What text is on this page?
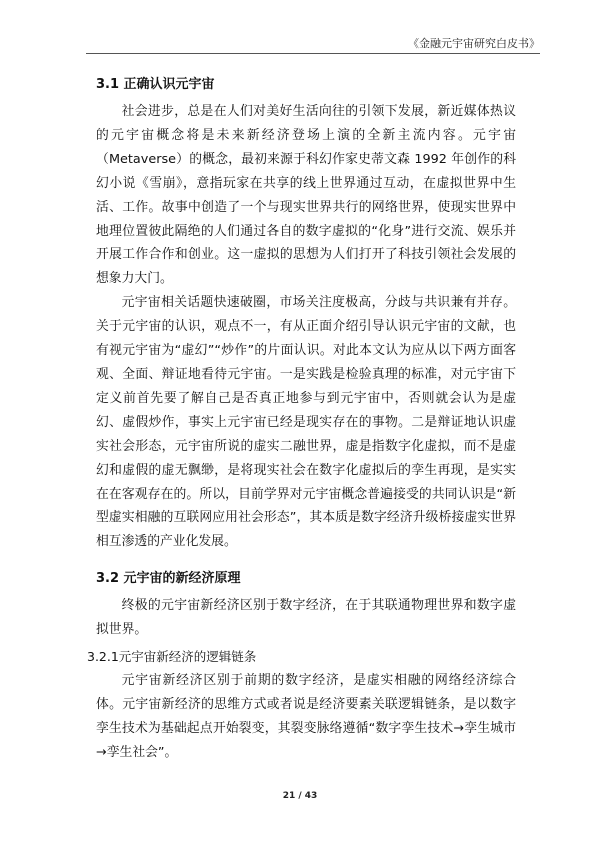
《金融元宇宙研究白皮书》
3.1 正确认识元宇宙

社会进步，总是在人们对美好生活向往的引领下发展，新近媒体热议的元宇宙概念将是未来新经济登场上演的全新主流内容。元宇宙（Metaverse）的概念，最初来源于科幻作家史蒂文森 1992 年创作的科幻小说《雪崩》，意指玩家在共享的线上世界通过互动，在虚拟世界中生活、工作。故事中创造了一个与现实世界共行的网络世界，使现实世界中地理位置彼此隔绝的人们通过各自的数字虚拟的“化身”进行交流、娱乐并开展工作合作和创业。这一虚拟的思想为人们打开了科技引领社会发展的想象力大门。

元宇宙相关话题快速破圈，市场关注度极高，分歧与共识兼有并存。关于元宇宙的认识，观点不一，有从正面介绍引导认识元宇宙的文献，也有视元宇宙为“虚幻”“炒作”的片面认识。对此本文认为应从以下两方面客观、全面、辩证地看待元宇宙。一是实践是检验真理的标准，对元宇宙下定义前首先要了解自己是否真正地参与到元宇宙中，否则就会认为是虚幻、虚假炒作，事实上元宇宙已经是现实存在的事物。二是辩证地认识虚实社会形态，元宇宙所说的虚实二融世界，虚是指数字化虚拟，而不是虚幻和虚假的虚无飘缈，是将现实社会在数字化虚拟后的孪生再现，是实实在在客观存在的。所以，目前学界对元宇宙概念普遍接受的共同认识是“新型虚实相融的互联网应用社会形态”，其本质是数字经济升级桥接虚实世界相互渗透的产业化发展。

3.2 元宇宙的新经济原理

终极的元宇宙新经济区别于数字经济，在于其联通物理世界和数字虚拟世界。

3.2.1元宇宙新经济的逻辑链条

元宇宙新经济区别于前期的数字经济，是虚实相融的网络经济综合体。元宇宙新经济的思维方式或者说是经济要素关联逻辑链条，是以数字孪生技术为基础起点开始裂变，其裂变脉络遵循“数字孪生技术→孪生城市→孪生社会”。

21 / 43
